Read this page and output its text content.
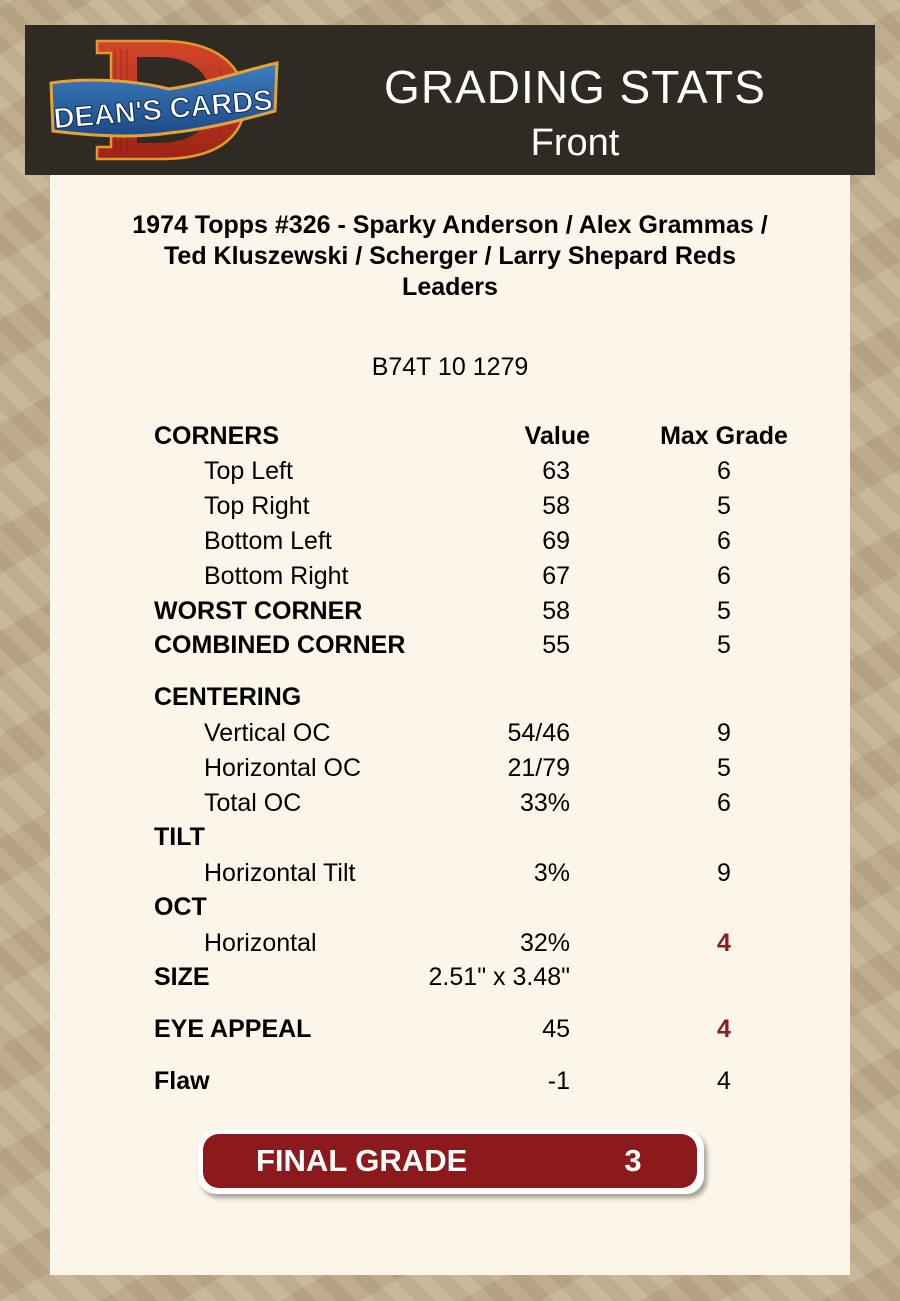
DEAN'S CARDS	GRADING STATS
Front
1974 Topps #326 - Sparky Anderson / Alex Grammas / Ted Kluszewski / Scherger / Larry Shepard Reds Leaders
B74T 10 1279
CORNERS	Value	Max Grade
Top Left	63	6
Top Right	58	5
Bottom Left	69	6
Bottom Right	67	6
WORST CORNER	58	5
COMBINED CORNER	55	5
CENTERING
Vertical OC	54/46	9
Horizontal OC	21/79	5
Total OC	33%	6
TILT
Horizontal Tilt	3%	9
OCT
Horizontal	32%	4
SIZE	2.51" x 3.48"
EYE APPEAL	45	4
Flaw	-1	4
FINAL GRADE	3
